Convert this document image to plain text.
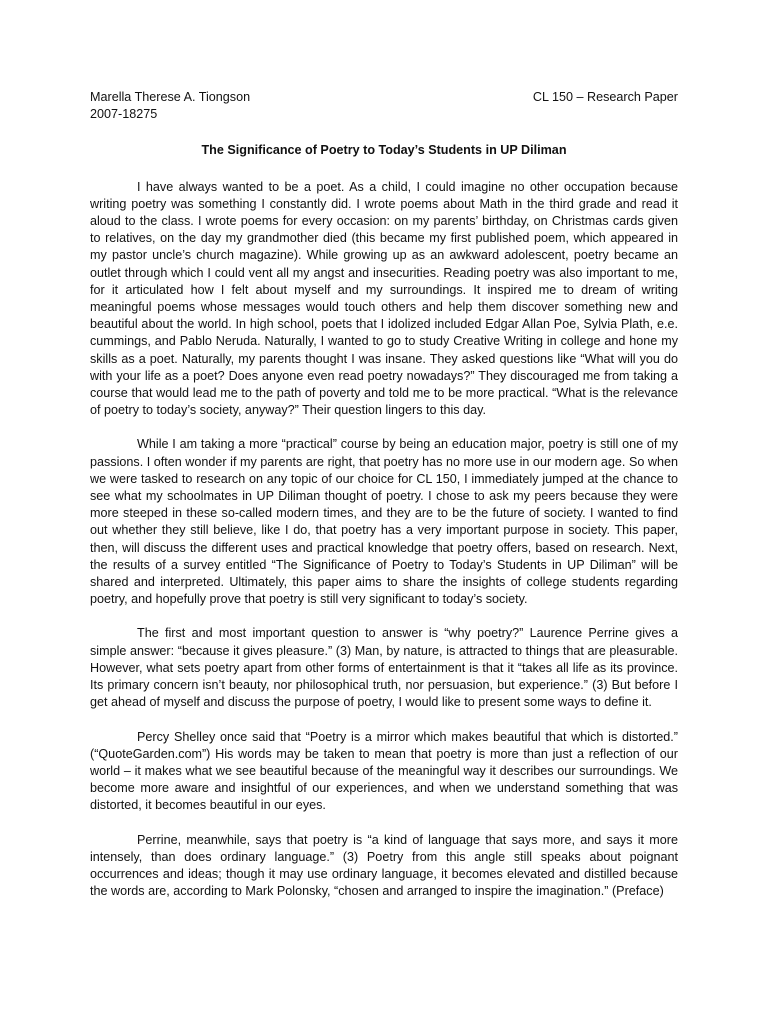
Marella Therese A. Tiongson	CL 150 – Research Paper
2007-18275
The Significance of Poetry to Today’s Students in UP Diliman

I have always wanted to be a poet. As a child, I could imagine no other occupation because writing poetry was something I constantly did. I wrote poems about Math in the third grade and read it aloud to the class. I wrote poems for every occasion: on my parents’ birthday, on Christmas cards given to relatives, on the day my grandmother died (this became my first published poem, which appeared in my pastor uncle’s church magazine). While growing up as an awkward adolescent, poetry became an outlet through which I could vent all my angst and insecurities. Reading poetry was also important to me, for it articulated how I felt about myself and my surroundings. It inspired me to dream of writing meaningful poems whose messages would touch others and help them discover something new and beautiful about the world. In high school, poets that I idolized included Edgar Allan Poe, Sylvia Plath, e.e. cummings, and Pablo Neruda. Naturally, I wanted to go to study Creative Writing in college and hone my skills as a poet. Naturally, my parents thought I was insane. They asked questions like “What will you do with your life as a poet? Does anyone even read poetry nowadays?” They discouraged me from taking a course that would lead me to the path of poverty and told me to be more practical. “What is the relevance of poetry to today’s society, anyway?” Their question lingers to this day.

While I am taking a more “practical” course by being an education major, poetry is still one of my passions. I often wonder if my parents are right, that poetry has no more use in our modern age. So when we were tasked to research on any topic of our choice for CL 150, I immediately jumped at the chance to see what my schoolmates in UP Diliman thought of poetry. I chose to ask my peers because they were more steeped in these so-called modern times, and they are to be the future of society. I wanted to find out whether they still believe, like I do, that poetry has a very important purpose in society. This paper, then, will discuss the different uses and practical knowledge that poetry offers, based on research. Next, the results of a survey entitled “The Significance of Poetry to Today’s Students in UP Diliman” will be shared and interpreted. Ultimately, this paper aims to share the insights of college students regarding poetry, and hopefully prove that poetry is still very significant to today’s society.

The first and most important question to answer is “why poetry?” Laurence Perrine gives a simple answer: “because it gives pleasure.” (3) Man, by nature, is attracted to things that are pleasurable. However, what sets poetry apart from other forms of entertainment is that it “takes all life as its province. Its primary concern isn’t beauty, nor philosophical truth, nor persuasion, but experience.” (3) But before I get ahead of myself and discuss the purpose of poetry, I would like to present some ways to define it.

Percy Shelley once said that “Poetry is a mirror which makes beautiful that which is distorted.” (“QuoteGarden.com”) His words may be taken to mean that poetry is more than just a reflection of our world – it makes what we see beautiful because of the meaningful way it describes our surroundings. We become more aware and insightful of our experiences, and when we understand something that was distorted, it becomes beautiful in our eyes.

Perrine, meanwhile, says that poetry is “a kind of language that says more, and says it more intensely, than does ordinary language.” (3) Poetry from this angle still speaks about poignant occurrences and ideas; though it may use ordinary language, it becomes elevated and distilled because the words are, according to Mark Polonsky, “chosen and arranged to inspire the imagination.” (Preface)
